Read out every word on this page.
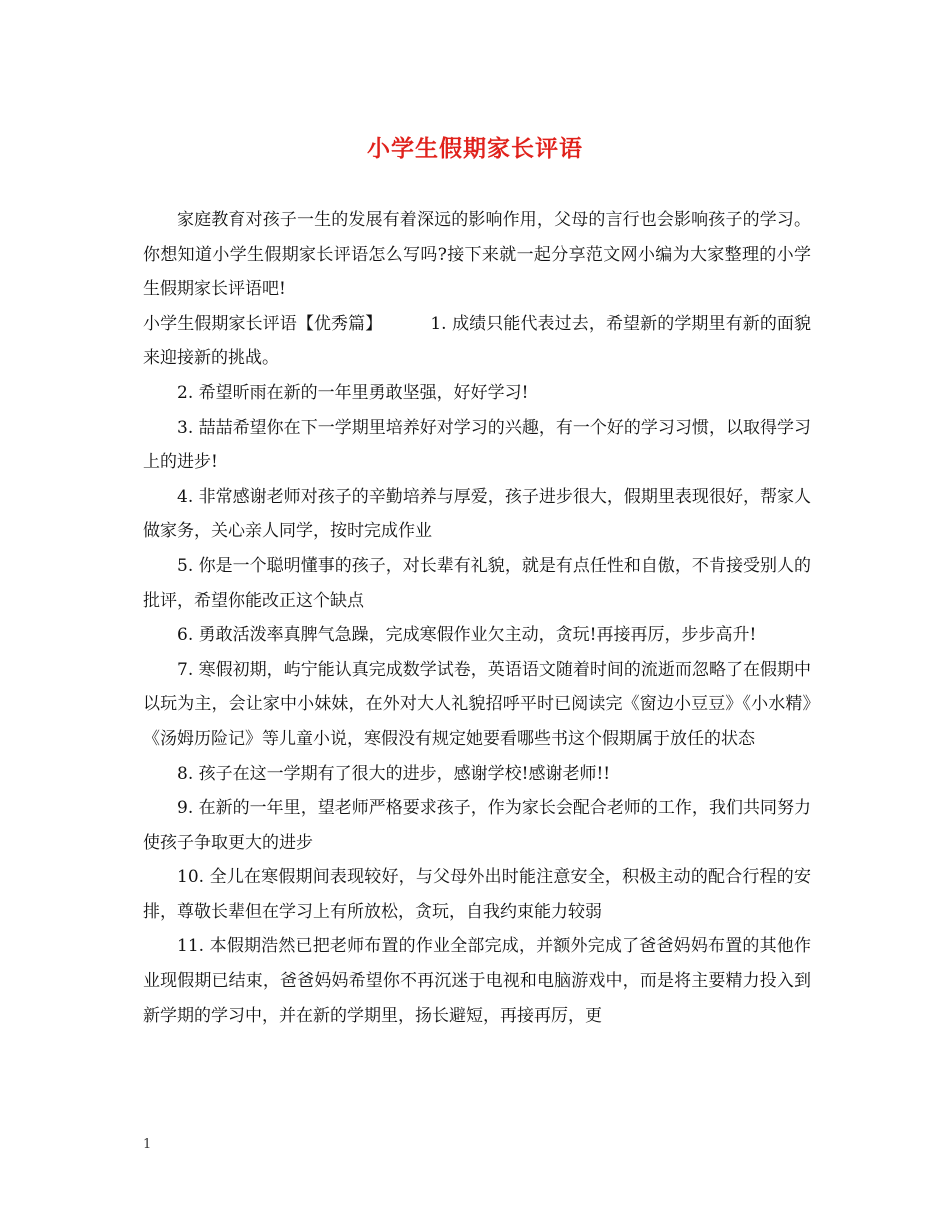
小学生假期家长评语

家庭教育对孩子一生的发展有着深远的影响作用，父母的言行也会影响孩子的学习。你想知道小学生假期家长评语怎么写吗?接下来就一起分享范文网小编为大家整理的小学生假期家长评语吧!

小学生假期家长评语【优秀篇】	1. 成绩只能代表过去，希望新的学期里有新的面貌来迎接新的挑战。

2. 希望昕雨在新的一年里勇敢坚强，好好学习!

3. 喆喆希望你在下一学期里培养好对学习的兴趣，有一个好的学习习惯，以取得学习上的进步!

4. 非常感谢老师对孩子的辛勤培养与厚爱，孩子进步很大，假期里表现很好，帮家人做家务，关心亲人同学，按时完成作业

5. 你是一个聪明懂事的孩子，对长辈有礼貌，就是有点任性和自傲，不肯接受别人的批评，希望你能改正这个缺点

6. 勇敢活泼率真脾气急躁，完成寒假作业欠主动，贪玩!再接再厉，步步高升!

7. 寒假初期，屿宁能认真完成数学试卷，英语语文随着时间的流逝而忽略了在假期中以玩为主，会让家中小妹妹，在外对大人礼貌招呼平时已阅读完《窗边小豆豆》《小水精》《汤姆历险记》等儿童小说，寒假没有规定她要看哪些书这个假期属于放任的状态

8. 孩子在这一学期有了很大的进步，感谢学校!感谢老师!!

9. 在新的一年里，望老师严格要求孩子，作为家长会配合老师的工作，我们共同努力使孩子争取更大的进步

10. 全儿在寒假期间表现较好，与父母外出时能注意安全，积极主动的配合行程的安排，尊敬长辈但在学习上有所放松，贪玩，自我约束能力较弱

11. 本假期浩然已把老师布置的作业全部完成，并额外完成了爸爸妈妈布置的其他作业现假期已结束，爸爸妈妈希望你不再沉迷于电视和电脑游戏中，而是将主要精力投入到新学期的学习中，并在新的学期里，扬长避短，再接再厉，更

1
